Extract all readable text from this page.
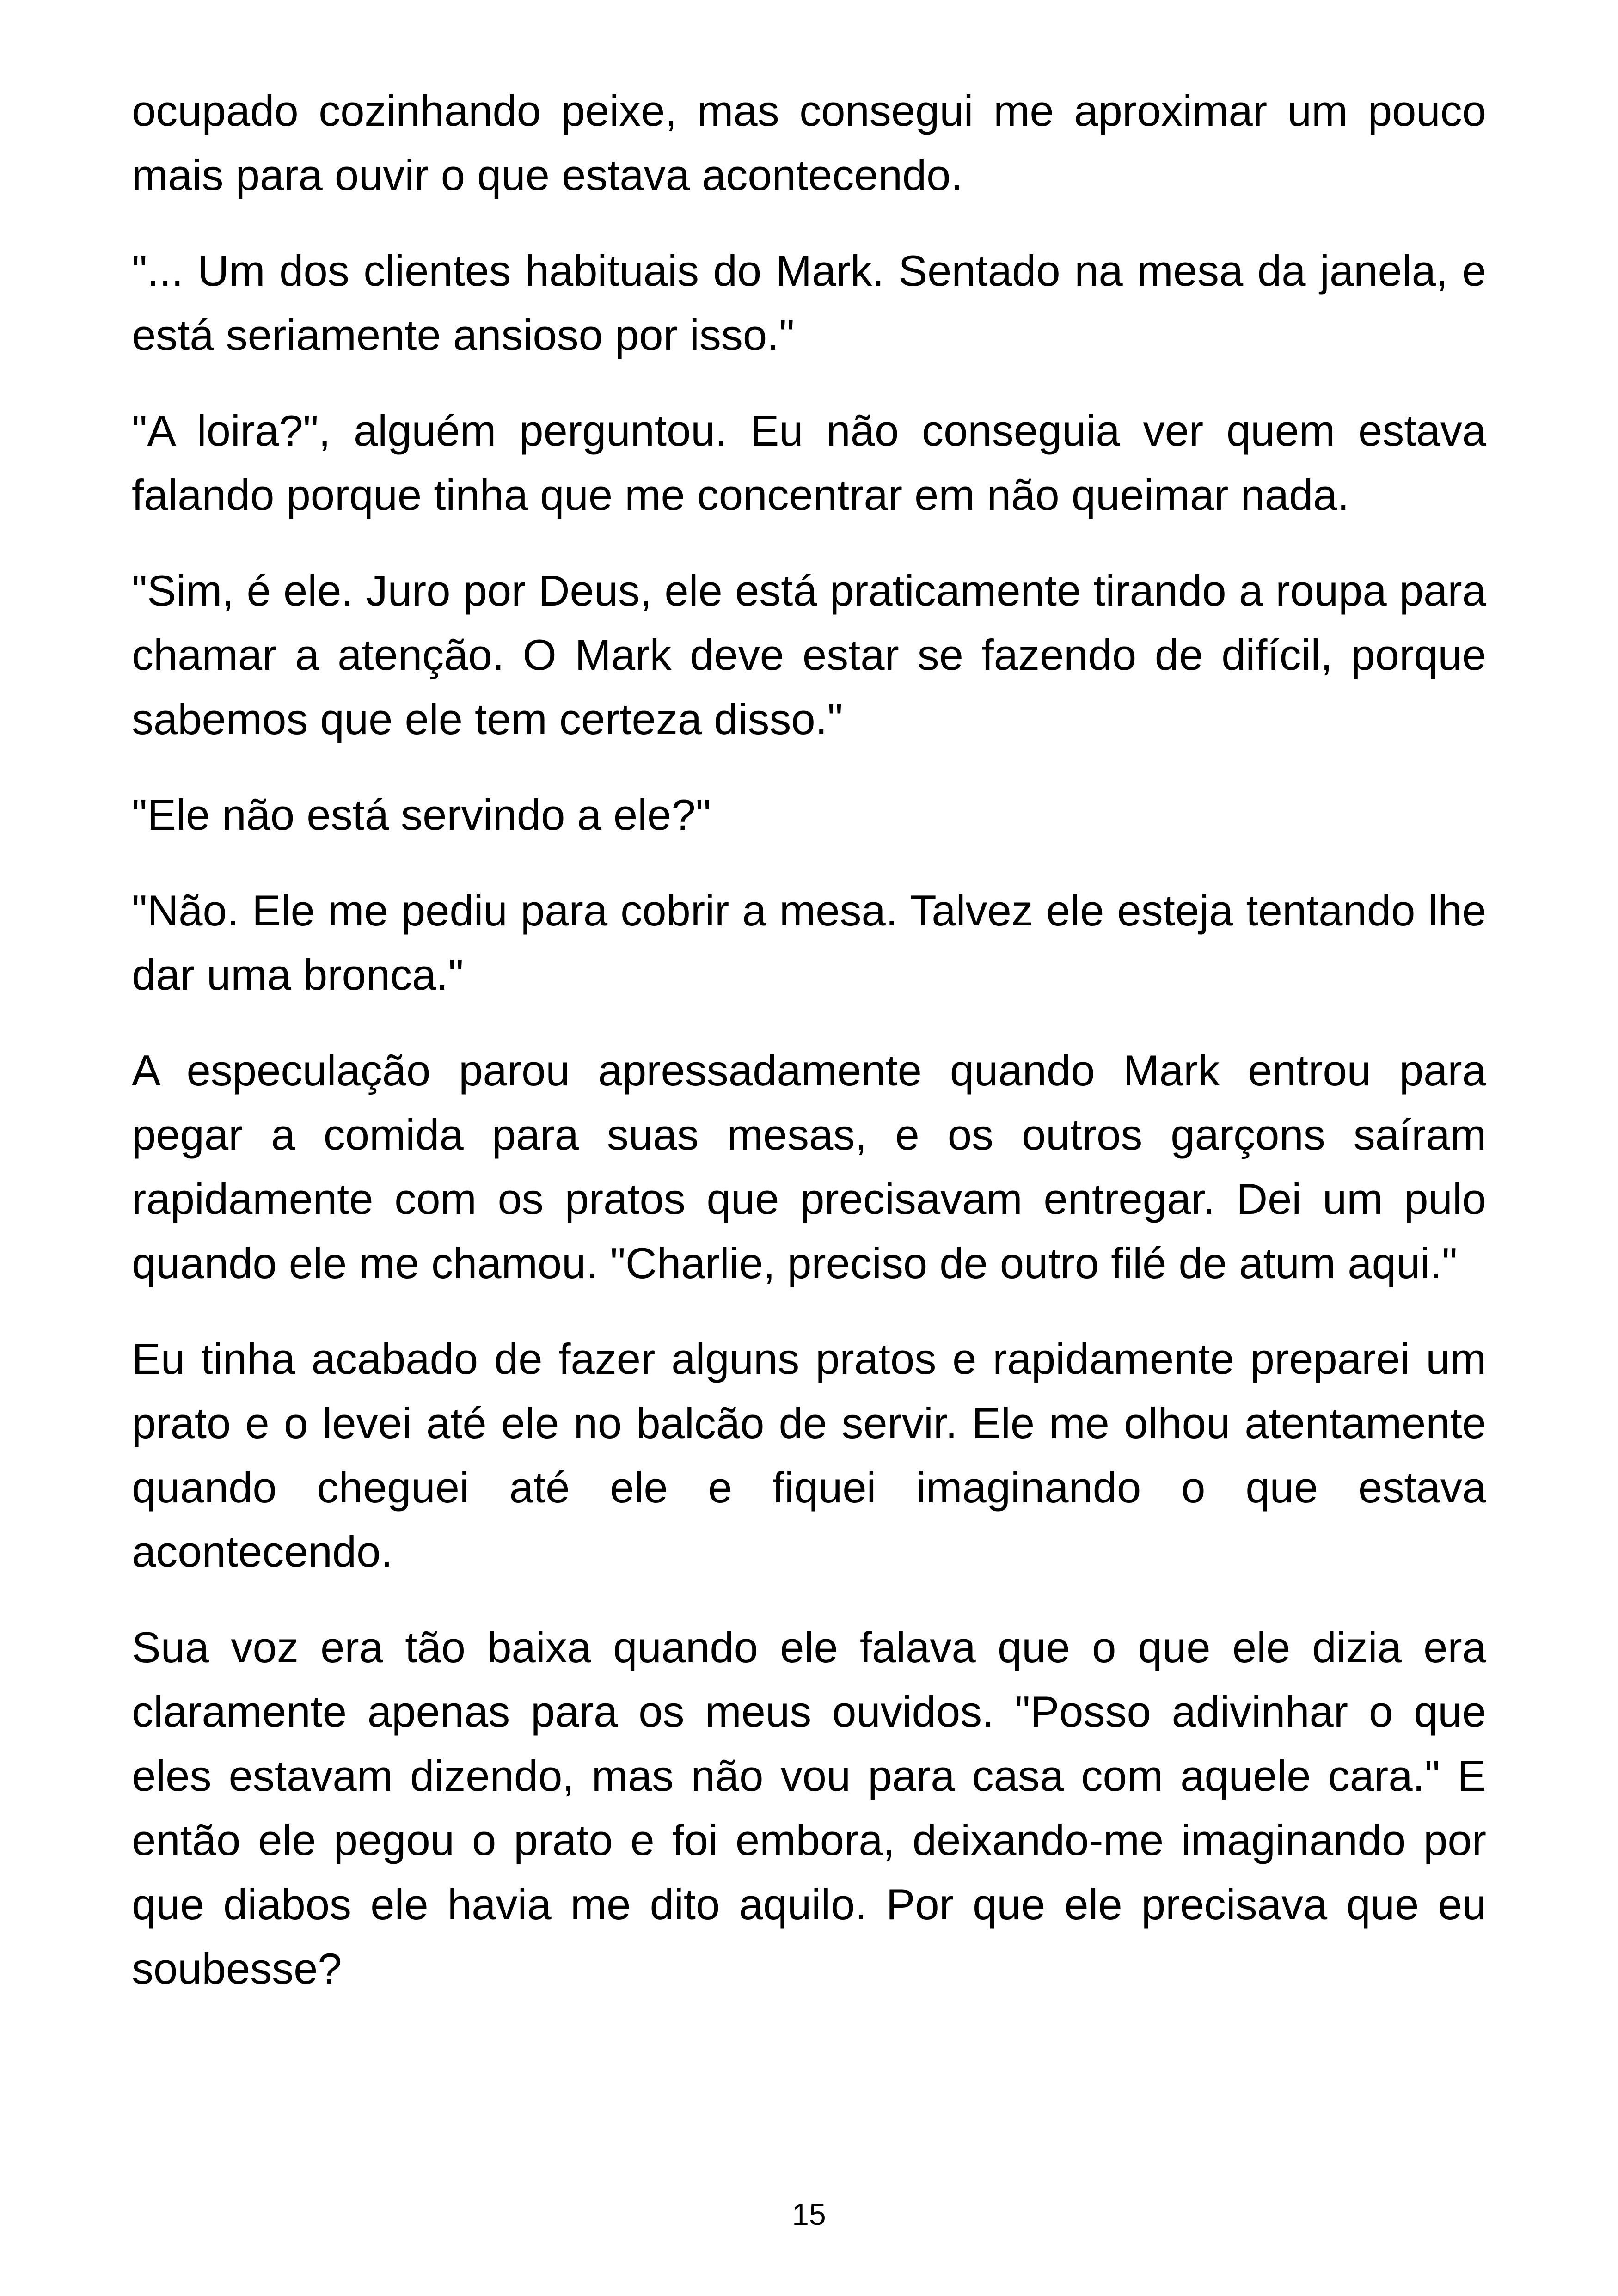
ocupado cozinhando peixe, mas consegui me aproximar um pouco mais para ouvir o que estava acontecendo.

"... Um dos clientes habituais do Mark. Sentado na mesa da janela, e está seriamente ansioso por isso."

"A loira?", alguém perguntou. Eu não conseguia ver quem estava falando porque tinha que me concentrar em não queimar nada.

"Sim, é ele. Juro por Deus, ele está praticamente tirando a roupa para chamar a atenção. O Mark deve estar se fazendo de difícil, porque sabemos que ele tem certeza disso."

"Ele não está servindo a ele?"

"Não. Ele me pediu para cobrir a mesa. Talvez ele esteja tentando lhe dar uma bronca."

A especulação parou apressadamente quando Mark entrou para pegar a comida para suas mesas, e os outros garçons saíram rapidamente com os pratos que precisavam entregar. Dei um pulo quando ele me chamou. "Charlie, preciso de outro filé de atum aqui."

Eu tinha acabado de fazer alguns pratos e rapidamente preparei um prato e o levei até ele no balcão de servir. Ele me olhou atentamente quando cheguei até ele e fiquei imaginando o que estava acontecendo.

Sua voz era tão baixa quando ele falava que o que ele dizia era claramente apenas para os meus ouvidos. "Posso adivinhar o que eles estavam dizendo, mas não vou para casa com aquele cara." E então ele pegou o prato e foi embora, deixando-me imaginando por que diabos ele havia me dito aquilo. Por que ele precisava que eu soubesse?

15
